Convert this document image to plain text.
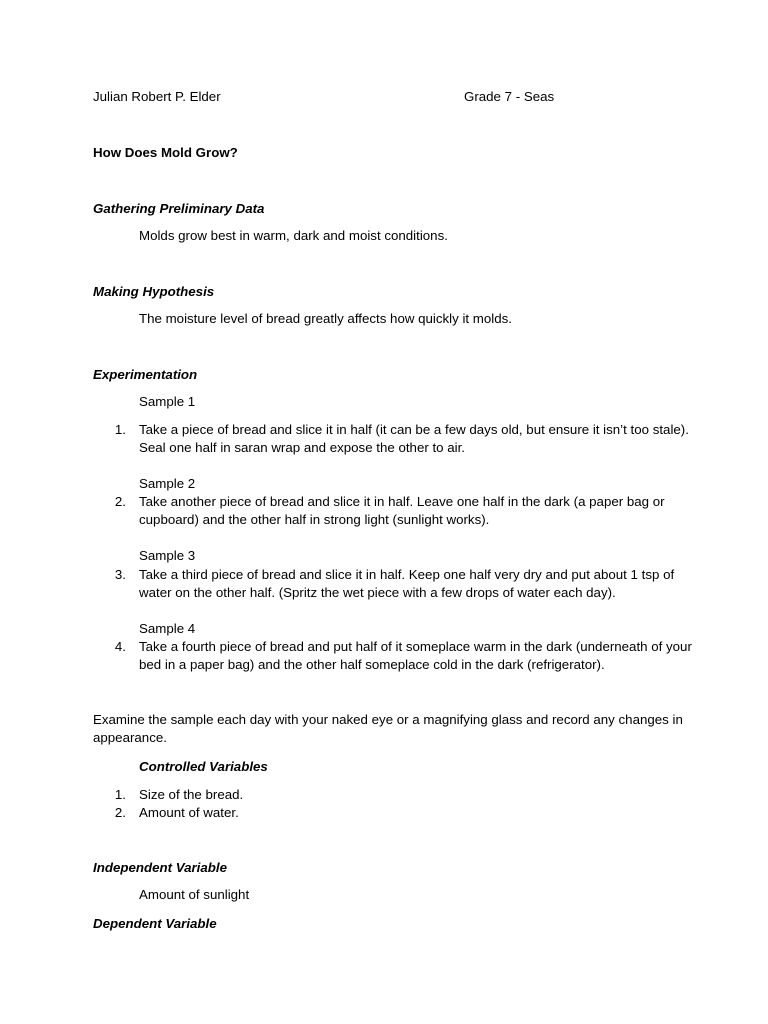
Julian Robert P. Elder	Grade 7 - Seas
How Does Mold Grow?
Gathering Preliminary Data
Molds grow best in warm, dark and moist conditions.
Making Hypothesis
The moisture level of bread greatly affects how quickly it molds.
Experimentation
Sample 1
1. Take a piece of bread and slice it in half (it can be a few days old, but ensure it isn’t too stale).
Seal one half in saran wrap and expose the other to air.
Sample 2
2. Take another piece of bread and slice it in half. Leave one half in the dark (a paper bag or
cupboard) and the other half in strong light (sunlight works).
Sample 3
3. Take a third piece of bread and slice it in half. Keep one half very dry and put about 1 tsp of
water on the other half. (Spritz the wet piece with a few drops of water each day).
Sample 4
4. Take a fourth piece of bread and put half of it someplace warm in the dark (underneath of your
bed in a paper bag) and the other half someplace cold in the dark (refrigerator).
Examine the sample each day with your naked eye or a magnifying glass and record any changes in
appearance.
Controlled Variables
1. Size of the bread.
2. Amount of water.
Independent Variable
Amount of sunlight
Dependent Variable
